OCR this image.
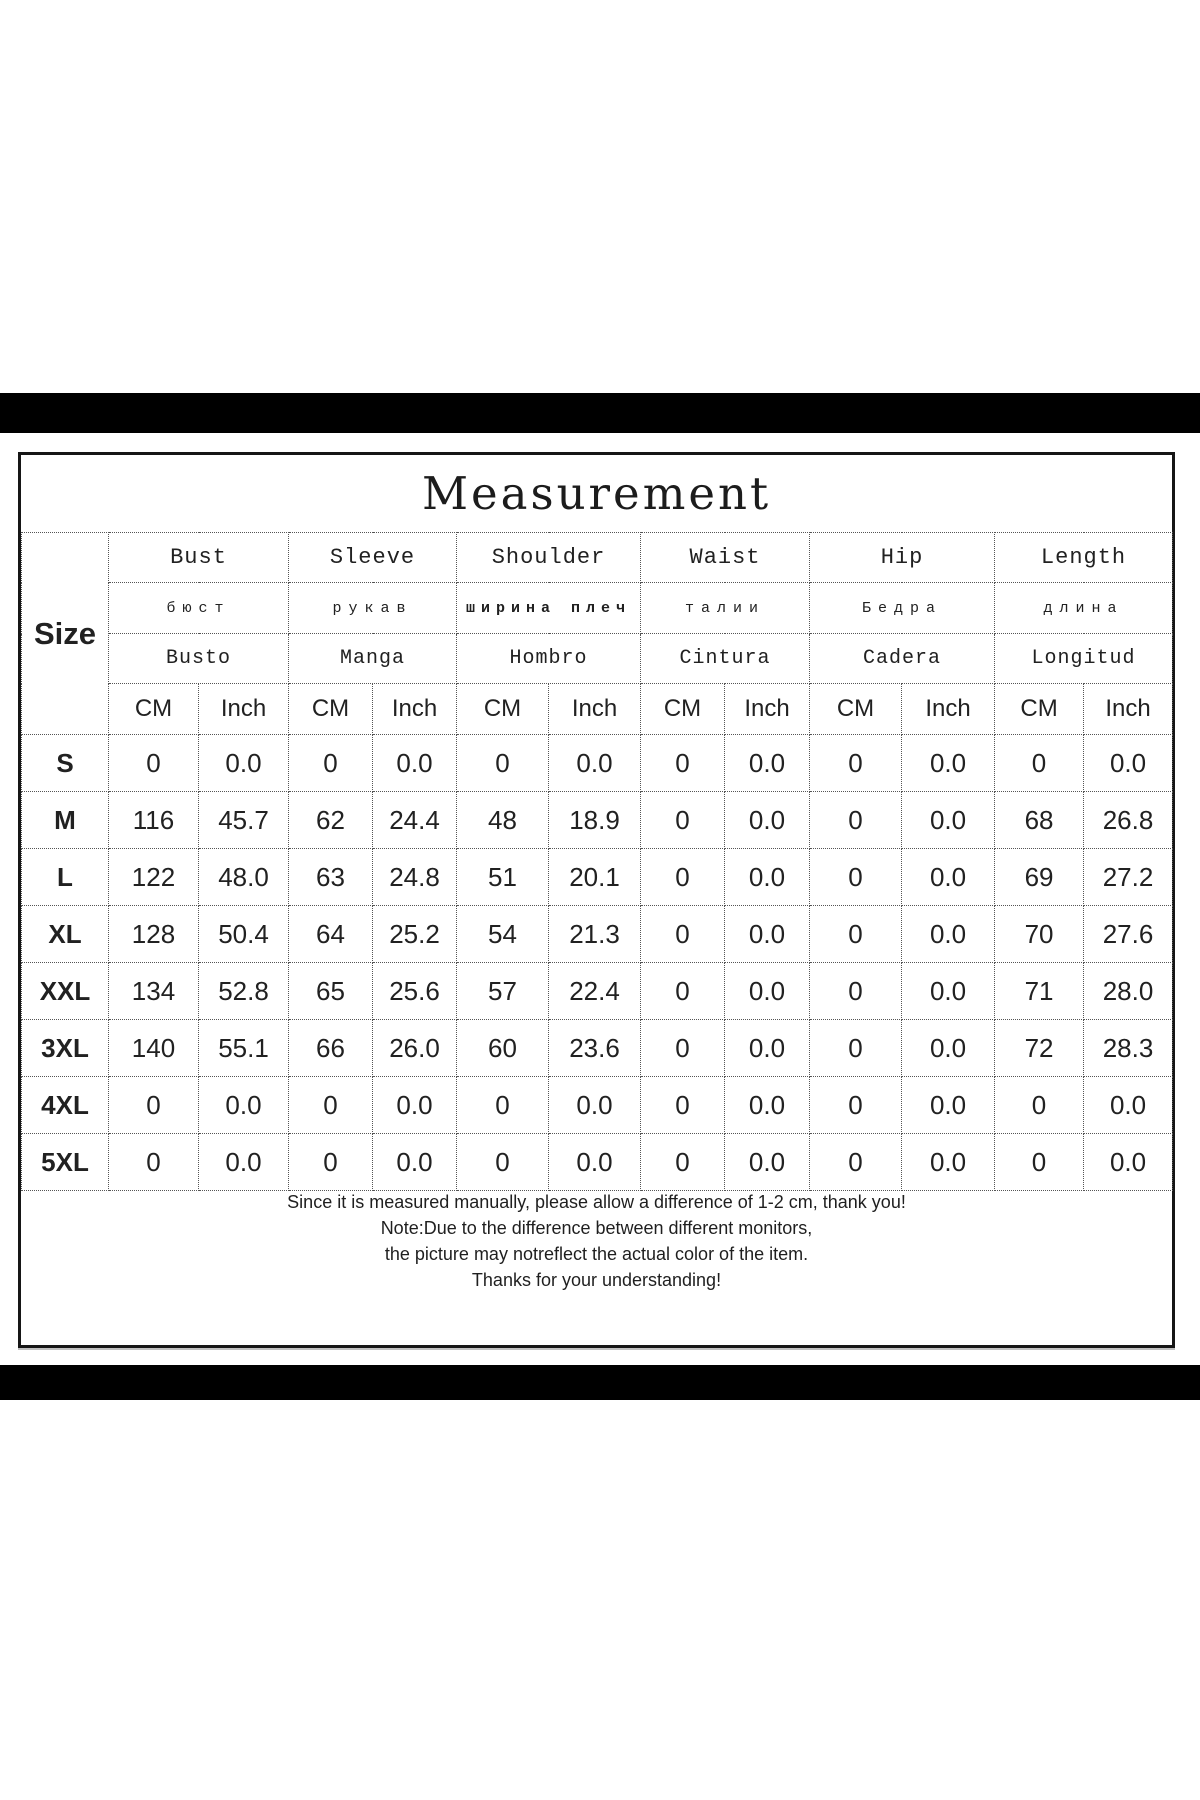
Measurement
Size	Bust		Sleeve		Shoulder		Waist		Hip		Length	
	бюст		рукав		ширина плеч		талии		Бедра		длина	
	Busto		Manga		Hombro		Cintura		Cadera		Longitud	
	CM	Inch	CM	Inch	CM	Inch	CM	Inch	CM	Inch	CM	Inch
S	0	0.0	0	0.0	0	0.0	0	0.0	0	0.0	0	0.0
M	116	45.7	62	24.4	48	18.9	0	0.0	0	0.0	68	26.8
L	122	48.0	63	24.8	51	20.1	0	0.0	0	0.0	69	27.2
XL	128	50.4	64	25.2	54	21.3	0	0.0	0	0.0	70	27.6
XXL	134	52.8	65	25.6	57	22.4	0	0.0	0	0.0	71	28.0
3XL	140	55.1	66	26.0	60	23.6	0	0.0	0	0.0	72	28.3
4XL	0	0.0	0	0.0	0	0.0	0	0.0	0	0.0	0	0.0
5XL	0	0.0	0	0.0	0	0.0	0	0.0	0	0.0	0	0.0
Since it is measured manually, please allow a difference of 1-2 cm, thank you!
Note:Due to the difference between different monitors,
the picture may notreflect the actual color of the item.
Thanks for your understanding!
